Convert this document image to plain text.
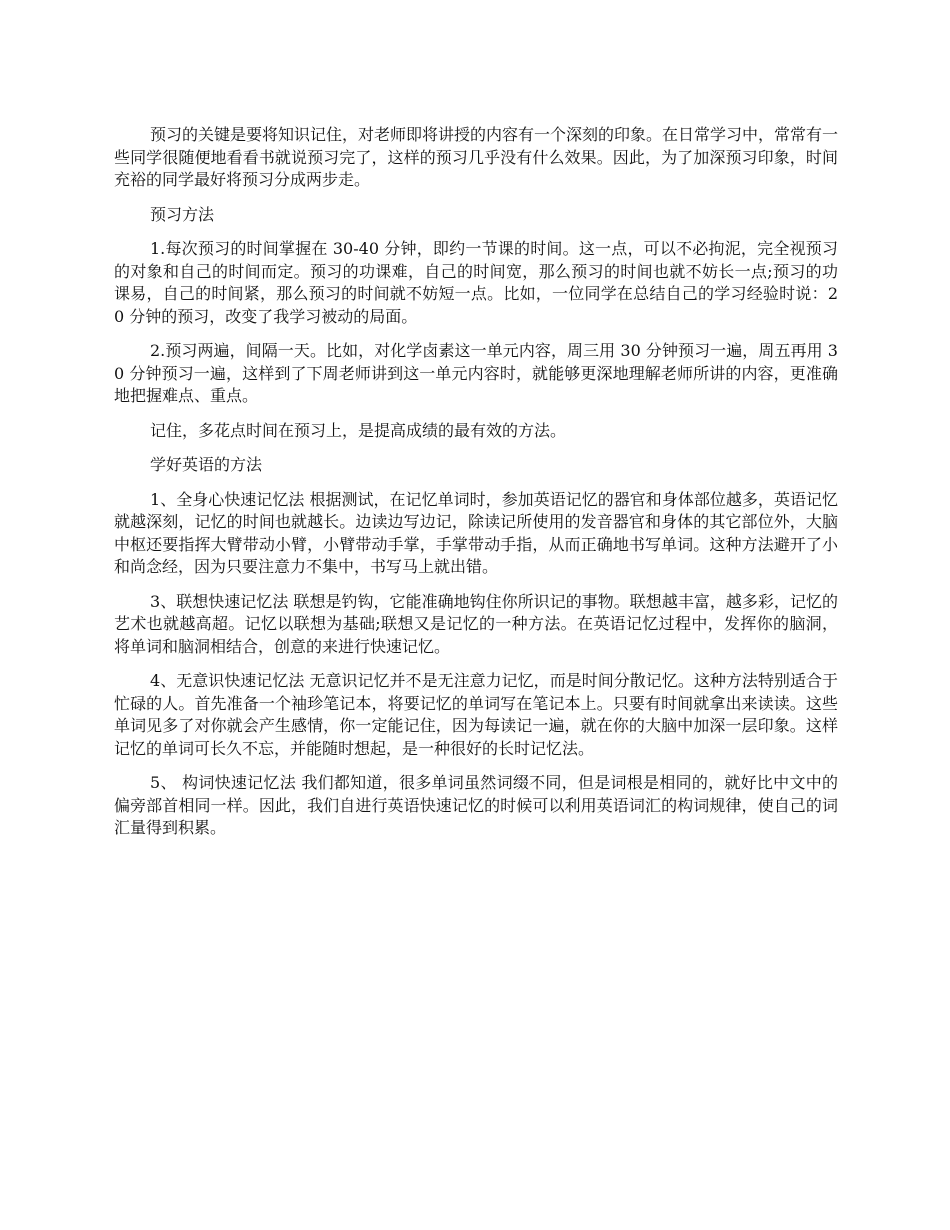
预习的关键是要将知识记住，对老师即将讲授的内容有一个深刻的印象。在日常学习中，常常有一些同学很随便地看看书就说预习完了，这样的预习几乎没有什么效果。因此，为了加深预习印象，时间充裕的同学最好将预习分成两步走。

预习方法

1.每次预习的时间掌握在 30-40 分钟，即约一节课的时间。这一点，可以不必拘泥，完全视预习的对象和自己的时间而定。预习的功课难，自己的时间宽，那么预习的时间也就不妨长一点;预习的功课易，自己的时间紧，那么预习的时间就不妨短一点。比如，一位同学在总结自己的学习经验时说：20 分钟的预习，改变了我学习被动的局面。

2.预习两遍，间隔一天。比如，对化学卤素这一单元内容，周三用 30 分钟预习一遍，周五再用 30 分钟预习一遍，这样到了下周老师讲到这一单元内容时，就能够更深地理解老师所讲的内容，更准确地把握难点、重点。

记住，多花点时间在预习上，是提高成绩的最有效的方法。

学好英语的方法

1、全身心快速记忆法 根据测试，在记忆单词时，参加英语记忆的器官和身体部位越多，英语记忆就越深刻，记忆的时间也就越长。边读边写边记，除读记所使用的发音器官和身体的其它部位外，大脑中枢还要指挥大臂带动小臂，小臂带动手掌，手掌带动手指，从而正确地书写单词。这种方法避开了小和尚念经，因为只要注意力不集中，书写马上就出错。

3、联想快速记忆法 联想是钓钩，它能准确地钩住你所识记的事物。联想越丰富，越多彩，记忆的艺术也就越高超。记忆以联想为基础;联想又是记忆的一种方法。在英语记忆过程中，发挥你的脑洞，将单词和脑洞相结合，创意的来进行快速记忆。

4、无意识快速记忆法 无意识记忆并不是无注意力记忆，而是时间分散记忆。这种方法特别适合于忙碌的人。首先准备一个袖珍笔记本，将要记忆的单词写在笔记本上。只要有时间就拿出来读读。这些单词见多了对你就会产生感情，你一定能记住，因为每读记一遍，就在你的大脑中加深一层印象。这样记忆的单词可长久不忘，并能随时想起，是一种很好的长时记忆法。

5、 构词快速记忆法 我们都知道，很多单词虽然词缀不同，但是词根是相同的，就好比中文中的偏旁部首相同一样。因此，我们自进行英语快速记忆的时候可以利用英语词汇的构词规律，使自己的词汇量得到积累。
